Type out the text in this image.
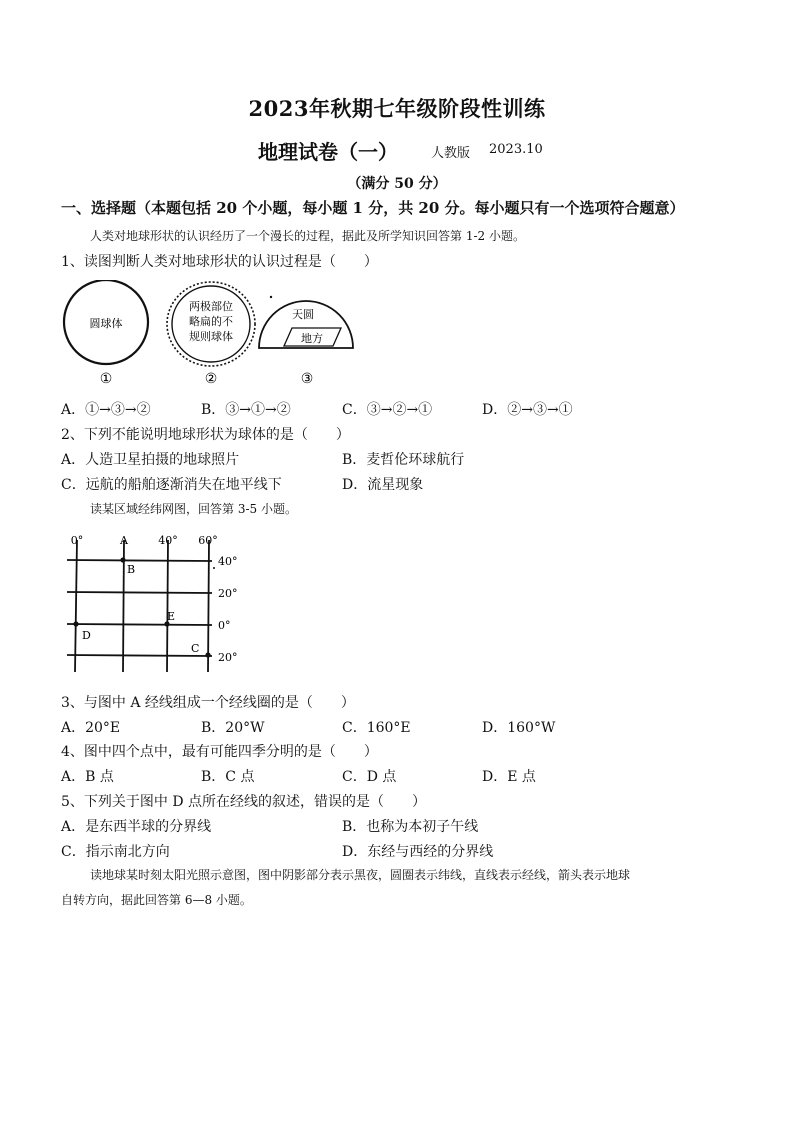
2023年秋期七年级阶段性训练
地理试卷（一）	人教版 2023.10
（满分 50 分）
一、选择题（本题包括 20 个小题，每小题 1 分，共 20 分。每小题只有一个选项符合题意）
人类对地球形状的认识经历了一个漫长的过程，据此及所学知识回答第 1-2 小题。
1、读图判断人类对地球形状的认识过程是（　　）
圆球体
①
两极部位
略扁的不
规则球体
②
天圆
地方
③
A．①→③→②	B．③→①→②	C．③→②→①	D．②→③→①
2、下列不能说明地球形状为球体的是（　　）
A．人造卫星拍摄的地球照片	B．麦哲伦环球航行
C．远航的船舶逐渐消失在地平线下	D．流星现象
读某区域经纬网图，回答第 3-5 小题。
0°	A	40° 60°
40°
20°
0°
20°
B
E
D
C
3、与图中 A 经线组成一个经线圈的是（　　）
A．20°E	B．20°W	C．160°E	D．160°W
4、图中四个点中，最有可能四季分明的是（　　）
A．B 点	B．C 点	C．D 点	D．E 点
5、下列关于图中 D 点所在经线的叙述，错误的是（　　）
A．是东西半球的分界线	B．也称为本初子午线
C．指示南北方向	D．东经与西经的分界线
读地球某时刻太阳光照示意图，图中阴影部分表示黑夜，圆圈表示纬线，直线表示经线，箭头表示地球
自转方向，据此回答第 6—8 小题。
